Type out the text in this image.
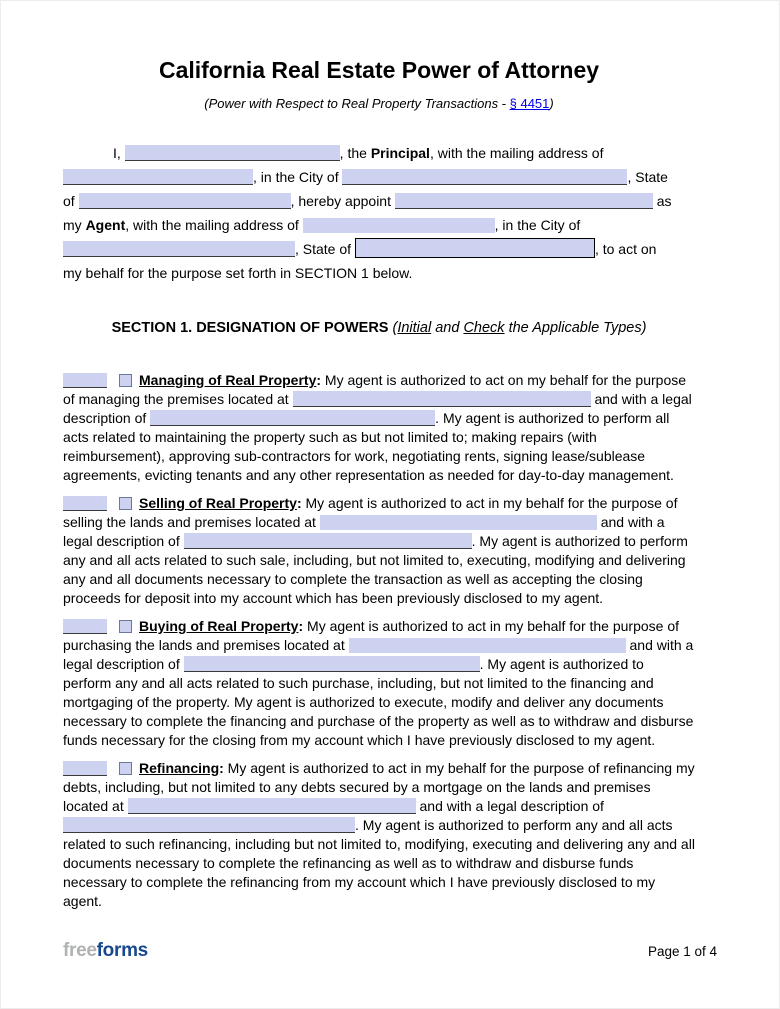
California Real Estate Power of Attorney
(Power with Respect to Real Property Transactions - § 4451)
I,	, the Principal, with the mailing address of
, in the City of	, State
of	, hereby appoint	as
my Agent, with the mailing address of	, in the City of
, State of	, to act on
my behalf for the purpose set forth in SECTION 1 below.
SECTION 1. DESIGNATION OF POWERS (Initial and Check the Applicable Types)

Managing of Real Property: My agent is authorized to act on my behalf for the purpose of managing the premises located at	and with a legal description of	. My agent is authorized to perform all acts related to maintaining the property such as but not limited to; making repairs (with reimbursement), approving sub-contractors for work, negotiating rents, signing lease/sublease agreements, evicting tenants and any other representation as needed for day-to-day management.

Selling of Real Property: My agent is authorized to act in my behalf for the purpose of selling the lands and premises located at	and with a legal description of	. My agent is authorized to perform any and all acts related to such sale, including, but not limited to, executing, modifying and delivering any and all documents necessary to complete the transaction as well as accepting the closing proceeds for deposit into my account which has been previously disclosed to my agent.

Buying of Real Property: My agent is authorized to act in my behalf for the purpose of purchasing the lands and premises located at	and with a legal description of	. My agent is authorized to perform any and all acts related to such purchase, including, but not limited to the financing and mortgaging of the property. My agent is authorized to execute, modify and deliver any documents necessary to complete the financing and purchase of the property as well as to withdraw and disburse funds necessary for the closing from my account which I have previously disclosed to my agent.

Refinancing: My agent is authorized to act in my behalf for the purpose of refinancing my debts, including, but not limited to any debts secured by a mortgage on the lands and premises located at	and with a legal description of . My agent is authorized to perform any and all acts related to such refinancing, including but not limited to, modifying, executing and delivering any and all documents necessary to complete the refinancing as well as to withdraw and disburse funds necessary to complete the refinancing from my account which I have previously disclosed to my agent.

freeforms	Page 1 of 4
